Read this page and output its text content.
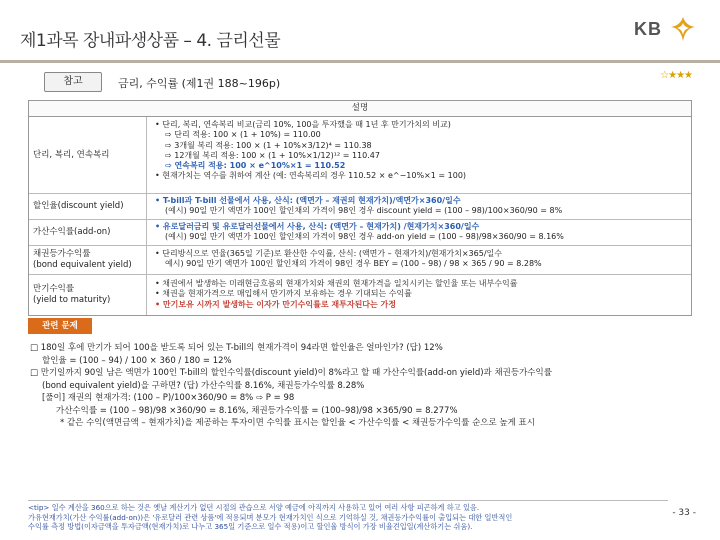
제1과목 장내파생상품 – 4. 금리선물
KB
참고	금리, 수익률 (제1권 188~196p)
☆★★★
설명
단리, 복리, 연속복리
• 단리, 복리, 연속복리 비교(금리 10%, 100을 투자했을 때 1년 후 만기가치의 비교)
⇨ 단리 적용: 100 × (1 + 10%) = 110.00
⇨ 3개월 복리 적용: 100 × (1 + 10%×3/12)⁴ = 110.38
⇨ 12개월 복리 적용: 100 × (1 + 10%×1/12)¹² = 110.47
⇨ 연속복리 적용: 100 × e^10%×1 = 110.52
• 현재가치는 역수를 취하여 계산 (예: 연속복리의 경우 110.52 × e^−10%×1 = 100)
할인율(discount yield)
• T-bill과 T-bill 선물에서 사용, 산식: (액면가 – 재권의 현재가치)/액면가×360/일수
(예시) 90일 만기 액면가 100인 할인채의 가격이 98인 경우 discount yield = (100 – 98)/100×360/90 = 8%
가산수익률(add-on)
• 유로달러금리 및 유로달러선물에서 사용, 산식: (액면가 – 현재가치) /현재가치×360/일수
(예시) 90일 만기 액면가 100인 할인채의 가격이 98인 경우 add-on yield = (100 – 98)/98×360/90 = 8.16%
채권등가수익률
(bond equivalent yield)
• 단리방식으로 연율(365일 기준)로 환산한 수익률, 산식: (액면가 – 현재가치)/현재가치×365/일수
예시) 90일 만기 액면가 100인 할인채의 가격이 98인 경우 BEY = (100 – 98) / 98 × 365 / 90 = 8.28%
만기수익률
(yield to maturity)
• 채권에서 발생하는 미래현금흐름의 현재가치와 채권의 현재가격을 일치시키는 할인율 또는 내부수익률
• 채권을 현재가격으로 매입해서 만기까지 보유하는 경우 기대되는 수익률
• 만기보유 시까지 발생하는 이자가 만기수익률로 재투자된다는 가정
관련 문제
□ 180일 후에 만기가 되어 100을 받도록 되어 있는 T-bill의 현재가격이 94라면 할인율은 얼마인가? (답) 12%
할인율 = (100 – 94) / 100 × 360 / 180 = 12%
□ 만기일까지 90일 남은 액면가 100인 T-bill의 할인수익률(discount yield)이 8%라고 할 때 가산수익률(add-on yield)과 채권등가수익률
(bond equivalent yield)을 구하면? (답) 가산수익률 8.16%, 채권등가수익률 8.28%
[풀이] 재권의 현재가격: (100 – P)/100×360/90 = 8% ⇨ P = 98
가산수익률 = (100 – 98)/98 ×360/90 = 8.16%, 채권등가수익률 = (100–98)/98 ×365/90 = 8.277%
* 같은 수익(액면금액 – 현재가치)을 제공하는 투자이면 수익률 표시는 할인율 < 가산수익률 < 채권등가수익률 순으로 높게 표시
<tip> 일수 계산을 360으로 하는 것은 옛날 계산기가 없던 시절의 관습으로 서양 예금에 아직까지 사용하고 있어 여러 사항 피곤하게 하고 있음.
가유현재가치(가산 수익률(add-on))은 '유로달러 관련 상품'에 적용되며 분모가 현재가치인 식으로 기억하실 것, 채권등가수익률이 출입되는 대한 일반적인
수익률 측정 방법(이자금액을 투자금액(현재가치)로 나누고 365일 기준으로 일수 적용)이고 할인율 방식이 가장 비율견입일(계산하기는 쉬움).
- 33 -
